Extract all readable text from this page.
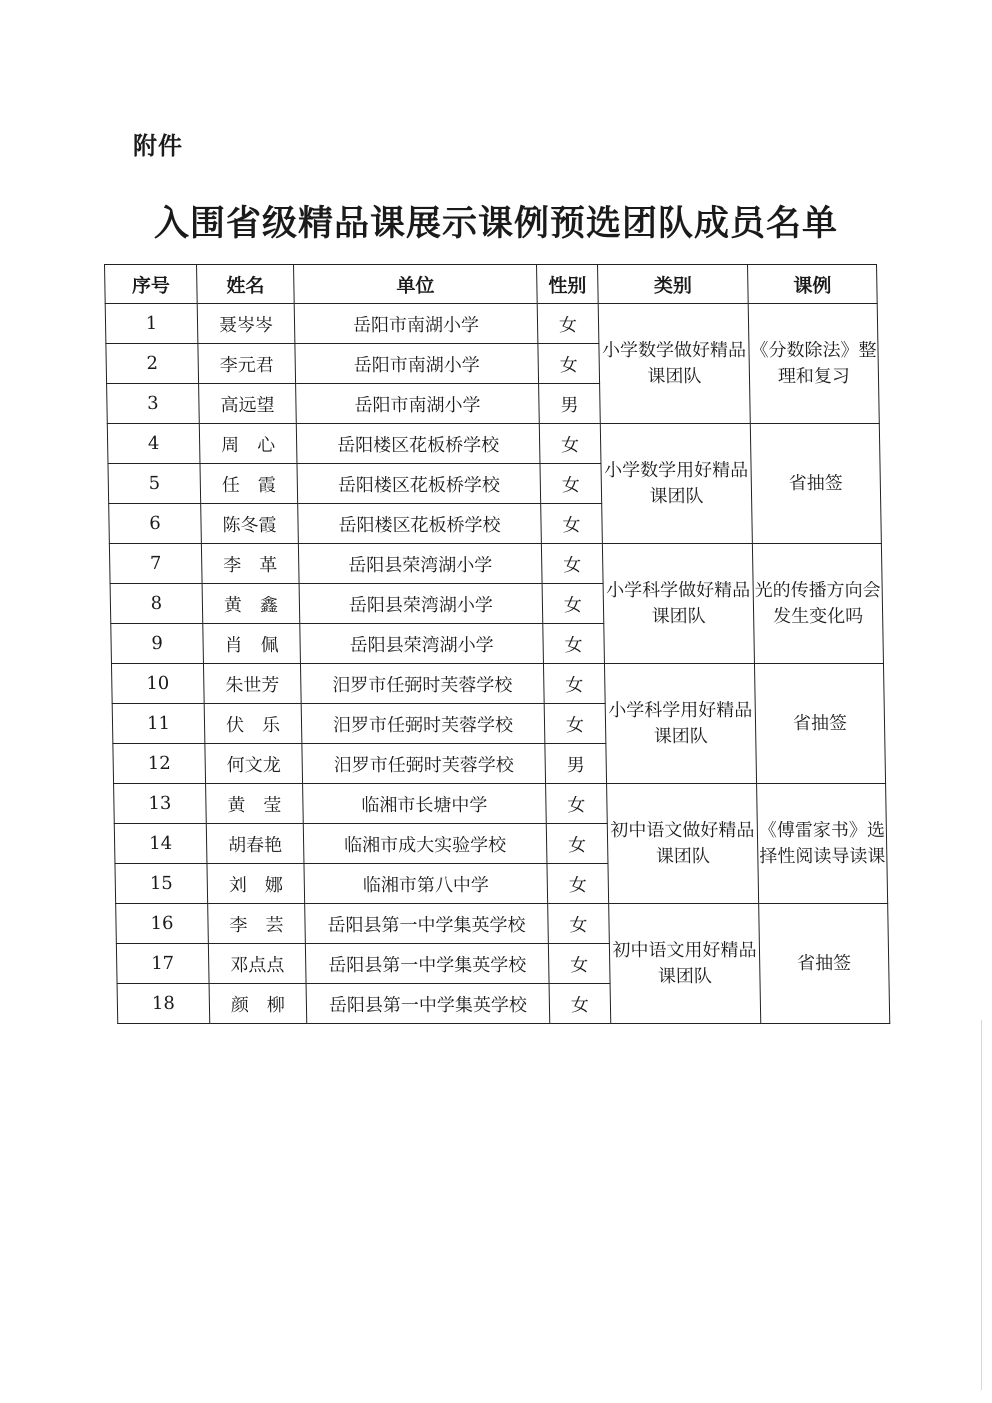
附件
入围省级精品课展示课例预选团队成员名单
序号	姓名	单位	性别	类别	课例
1	聂岑岑	岳阳市南湖小学	女	小学数学做好精品课团队	《分数除法》整理和复习
2	李元君	岳阳市南湖小学	女		
3	高远望	岳阳市南湖小学	男		
4	周　心	岳阳楼区花板桥学校	女	小学数学用好精品课团队	省抽签
5	任　霞	岳阳楼区花板桥学校	女		
6	陈冬霞	岳阳楼区花板桥学校	女		
7	李　革	岳阳县荣湾湖小学	女	小学科学做好精品课团队	光的传播方向会发生变化吗
8	黄　鑫	岳阳县荣湾湖小学	女		
9	肖　佩	岳阳县荣湾湖小学	女		
10	朱世芳	汨罗市任弼时芙蓉学校	女	小学科学用好精品课团队	省抽签
11	伏　乐	汨罗市任弼时芙蓉学校	女		
12	何文龙	汨罗市任弼时芙蓉学校	男		
13	黄　莹	临湘市长塘中学	女	初中语文做好精品课团队	《傅雷家书》选择性阅读导读课
14	胡春艳	临湘市成大实验学校	女		
15	刘　娜	临湘市第八中学	女		
16	李　芸	岳阳县第一中学集英学校	女	初中语文用好精品课团队	省抽签
17	邓点点	岳阳县第一中学集英学校	女		
18	颜　柳	岳阳县第一中学集英学校	女		
